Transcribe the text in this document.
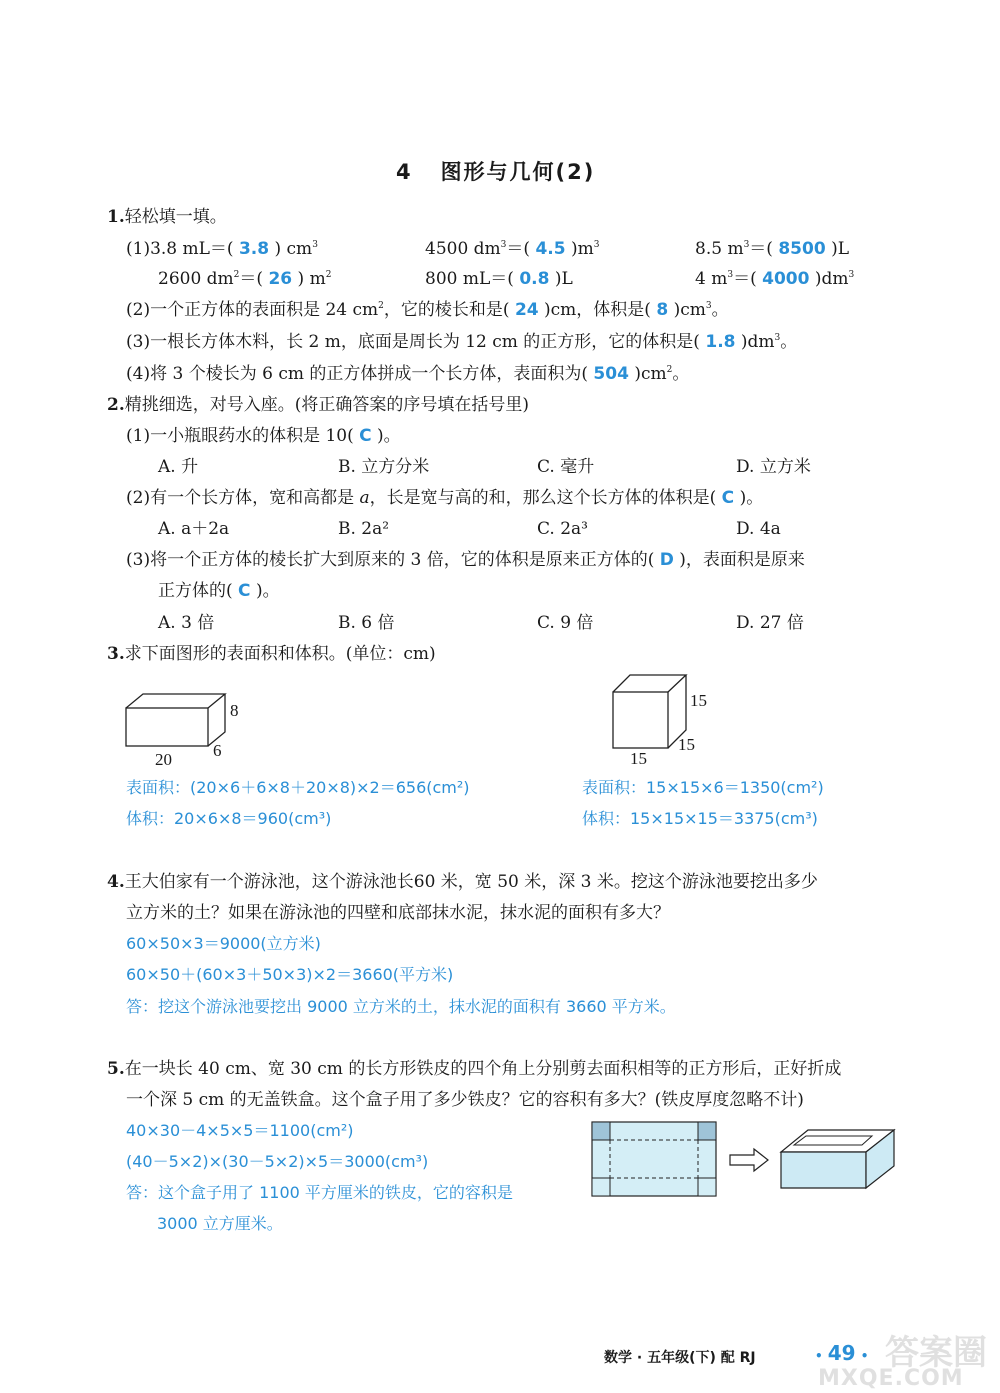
4 图形与几何(2)
1.轻松填一填。
(1)3.8 mL＝( 3.8 ) $cm^3$	4500 $dm^3=$( 4.5 )$m^3$	8.5 $m^3=$( 8500 )L
2600 $dm^2=$( 26 ) $m^2$	800 mL＝( 0.8 )L	4 $m^3=$( 4000 )$dm^3$
(2)一个正方体的表面积是 24 $cm^2$，它的棱长和是( 24 )cm，体积是( 8 )$cm^3$。
(3)一根长方体木料，长 2 m，底面是周长为 12 cm 的正方形，它的体积是( 1.8 )$dm^3$。
(4)将 3 个棱长为 6 cm 的正方体拼成一个长方体，表面积为( 504 )$cm^2$。
2.精挑细选，对号入座。(将正确答案的序号填在括号里)
(1)一小瓶眼药水的体积是 10( C )。
A. 升	B. 立方分米	C. 毫升	D. 立方米
(2)有一个长方体，宽和高都是 a，长是宽与高的和，那么这个长方体的体积是( C )。
A. a＋2a	B. 2a²	C. 2a³	D. 4a
(3)将一个正方体的棱长扩大到原来的 3 倍，它的体积是原来正方体的( D )，表面积是原来
正方体的( C )。
A. 3 倍	B. 6 倍	C. 9 倍	D. 27 倍
3.求下面图形的表面积和体积。(单位：cm)
8
6
20
15
15
15
表面积：(20×6＋6×8＋20×8)×2＝656(cm²)
体积：20×6×8＝960(cm³)
表面积：15×15×6＝1350(cm²)
体积：15×15×15＝3375(cm³)
4.王大伯家有一个游泳池，这个游泳池长60 米，宽 50 米，深 3 米。挖这个游泳池要挖出多少
立方米的土？如果在游泳池的四壁和底部抹水泥，抹水泥的面积有多大？
60×50×3＝9000(立方米)
60×50＋(60×3＋50×3)×2＝3660(平方米)
答：挖这个游泳池要挖出 9000 立方米的土，抹水泥的面积有 3660 平方米。
5.在一块长 40 cm、宽 30 cm 的长方形铁皮的四个角上分别剪去面积相等的正方形后，正好折成
一个深 5 cm 的无盖铁盒。这个盒子用了多少铁皮？它的容积有多大？(铁皮厚度忽略不计)
40×30－4×5×5＝1100(cm²)
(40－5×2)×(30－5×2)×5＝3000(cm³)
答：这个盒子用了 1100 平方厘米的铁皮，它的容积是
3000 立方厘米。
数学 · 五年级(下) 配 RJ	• 49 • 答案圈
MXQE.COM
